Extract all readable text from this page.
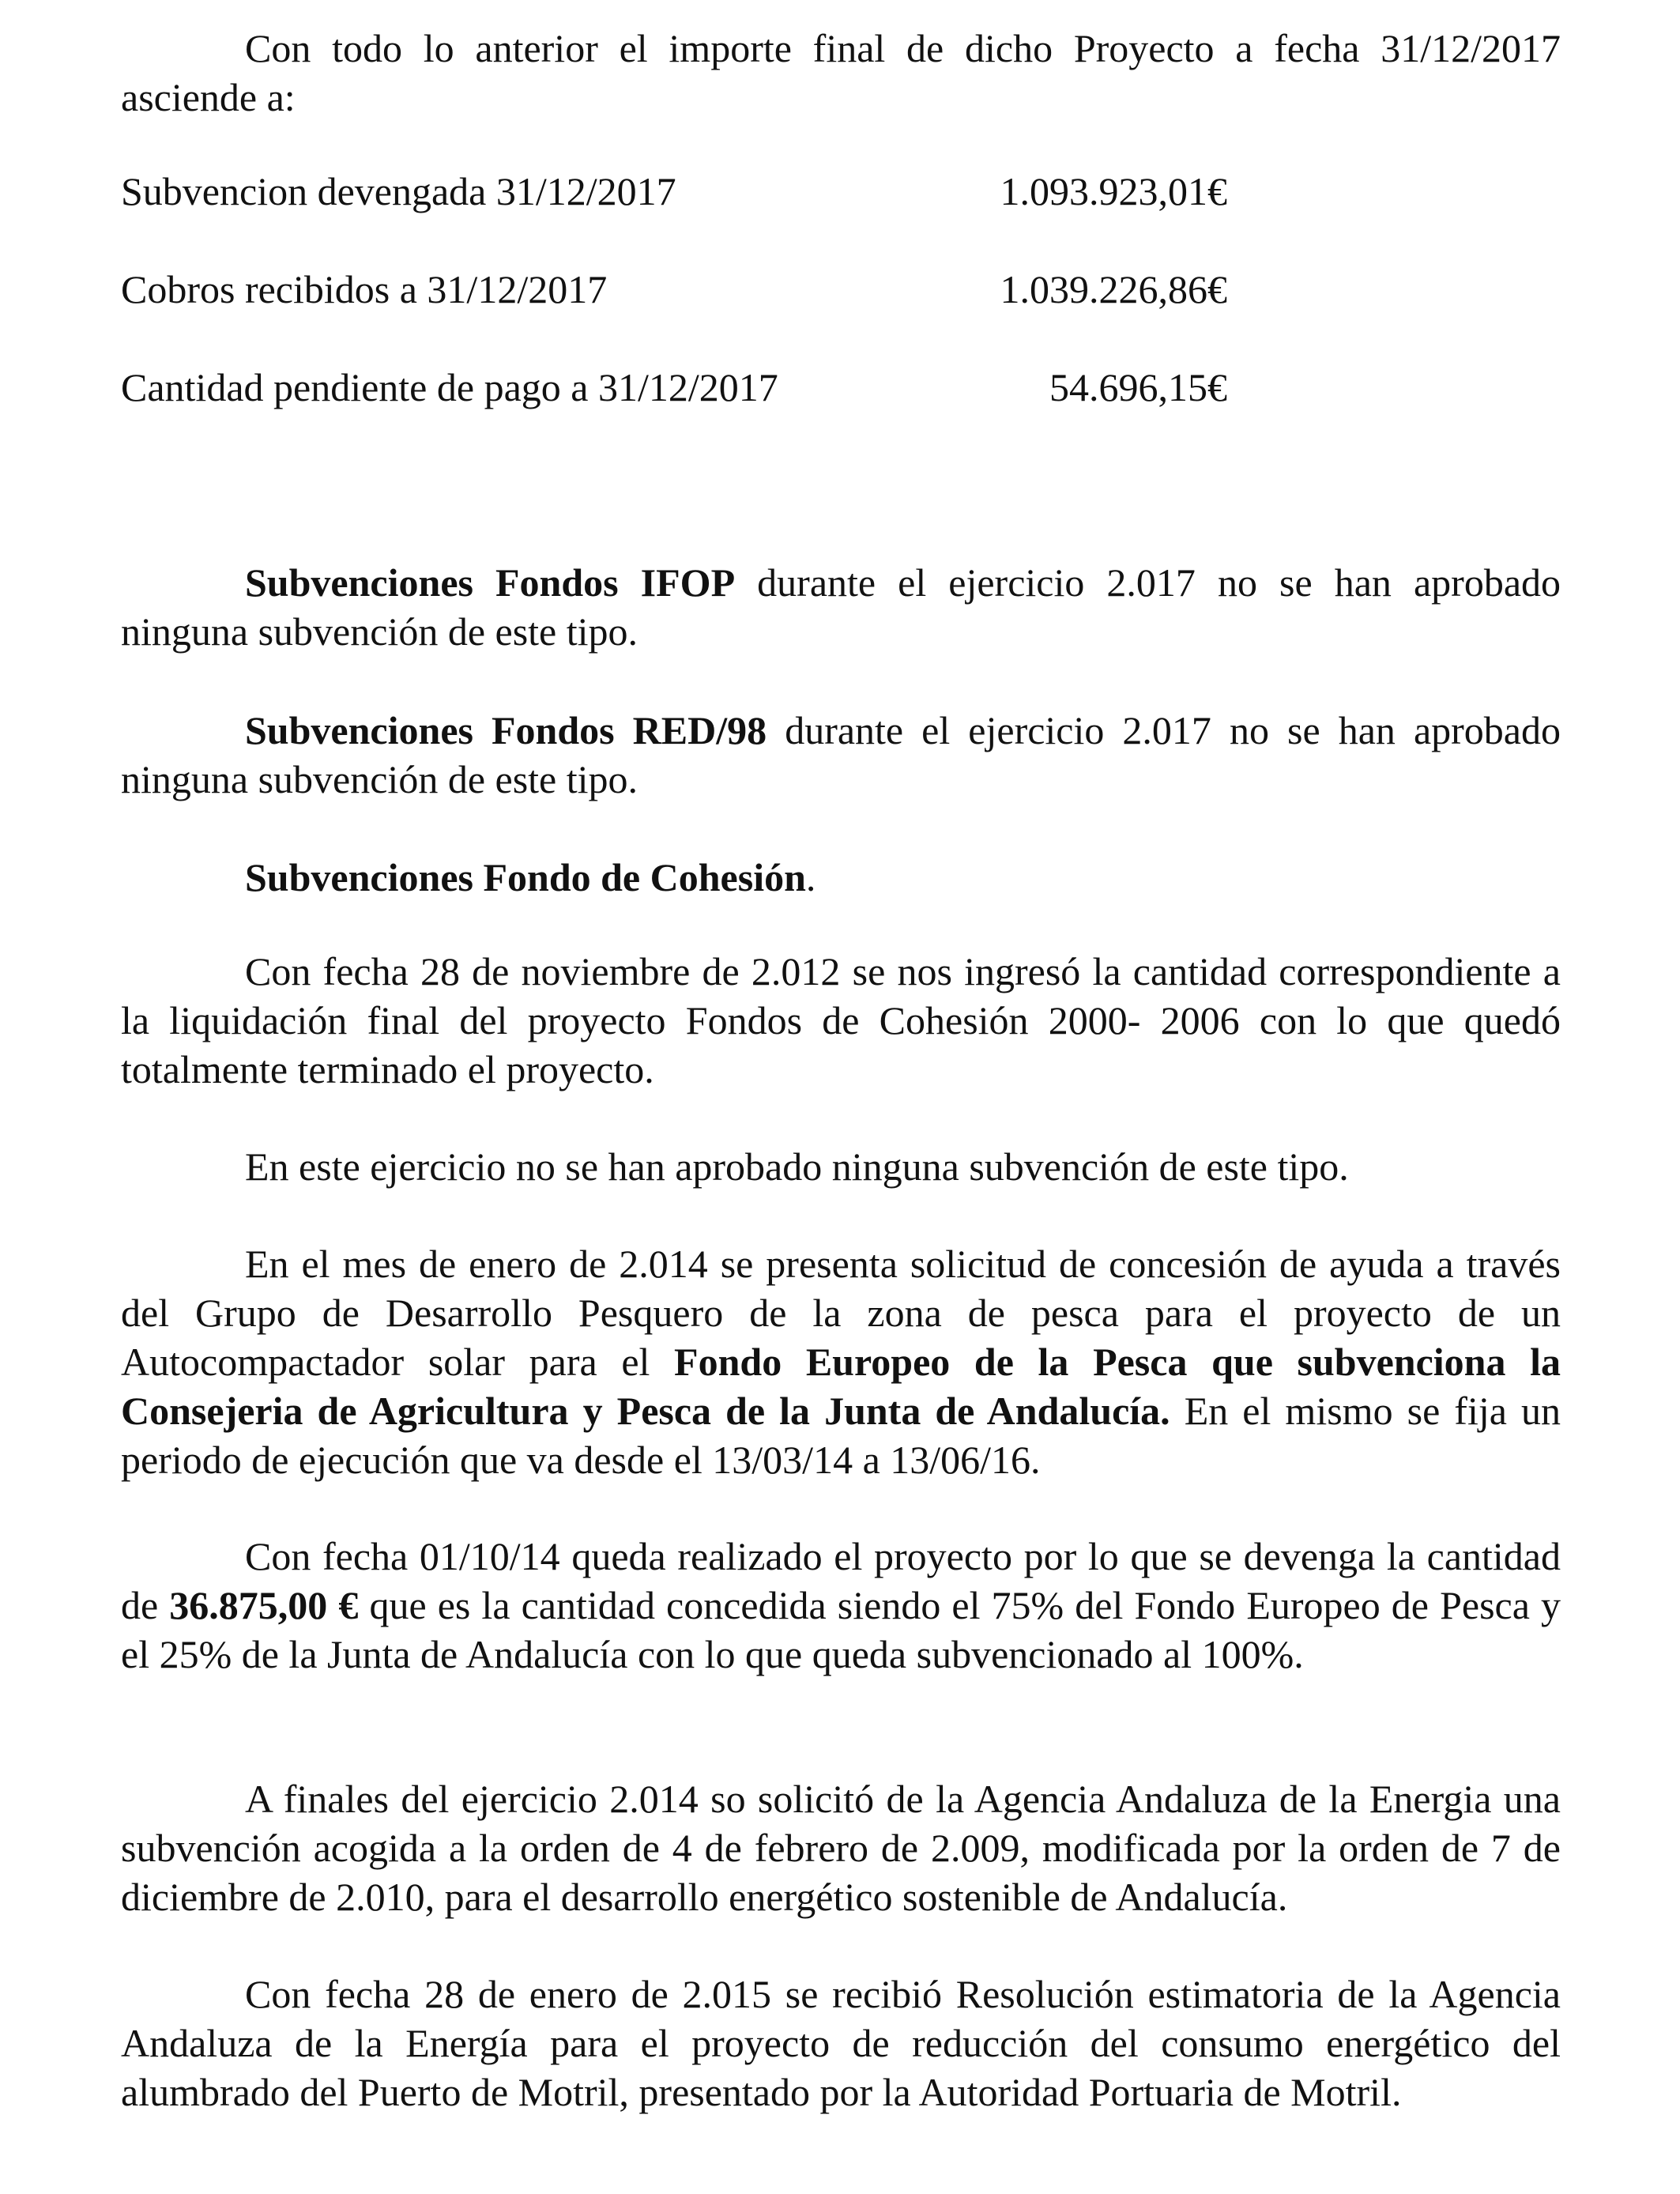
Con todo lo anterior el importe final de dicho Proyecto a fecha 31/12/2017

asciende a:

Subvencion devengada 31/12/2017	1.093.923,01€
Cobros recibidos a 31/12/2017	1.039.226,86€
Cantidad pendiente de pago a 31/12/2017	54.696,15€

Subvenciones Fondos IFOP durante el ejercicio 2.017 no se han aprobado ninguna subvención de este tipo.

Subvenciones Fondos RED/98 durante el ejercicio 2.017 no se han aprobado ninguna subvención de este tipo.

Subvenciones Fondo de Cohesión.

Con fecha 28 de noviembre de 2.012 se nos ingresó la cantidad correspondiente a la liquidación final del proyecto Fondos de Cohesión 2000- 2006 con lo que quedó totalmente terminado el proyecto.

En este ejercicio no se han aprobado ninguna subvención de este tipo.

En el mes de enero de 2.014 se presenta solicitud de concesión de ayuda a través del Grupo de Desarrollo Pesquero de la zona de pesca para el proyecto de un Autocompactador solar para el Fondo Europeo de la Pesca que subvenciona la Consejeria de Agricultura y Pesca de la Junta de Andalucía. En el mismo se fija un periodo de ejecución que va desde el 13/03/14 a 13/06/16.

Con fecha 01/10/14 queda realizado el proyecto por lo que se devenga la cantidad de 36.875,00 € que es la cantidad concedida siendo el 75% del Fondo Europeo de Pesca y el 25% de la Junta de Andalucía con lo que queda subvencionado al 100%.

A finales del ejercicio 2.014 so solicitó de la Agencia Andaluza de la Energia una subvención acogida a la orden de 4 de febrero de 2.009, modificada por la orden de 7 de diciembre de 2.010, para el desarrollo energético sostenible de Andalucía.

Con fecha 28 de enero de 2.015 se recibió Resolución estimatoria de la Agencia Andaluza de la Energía para el proyecto de reducción del consumo energético del alumbrado del Puerto de Motril, presentado por la Autoridad Portuaria de Motril.
